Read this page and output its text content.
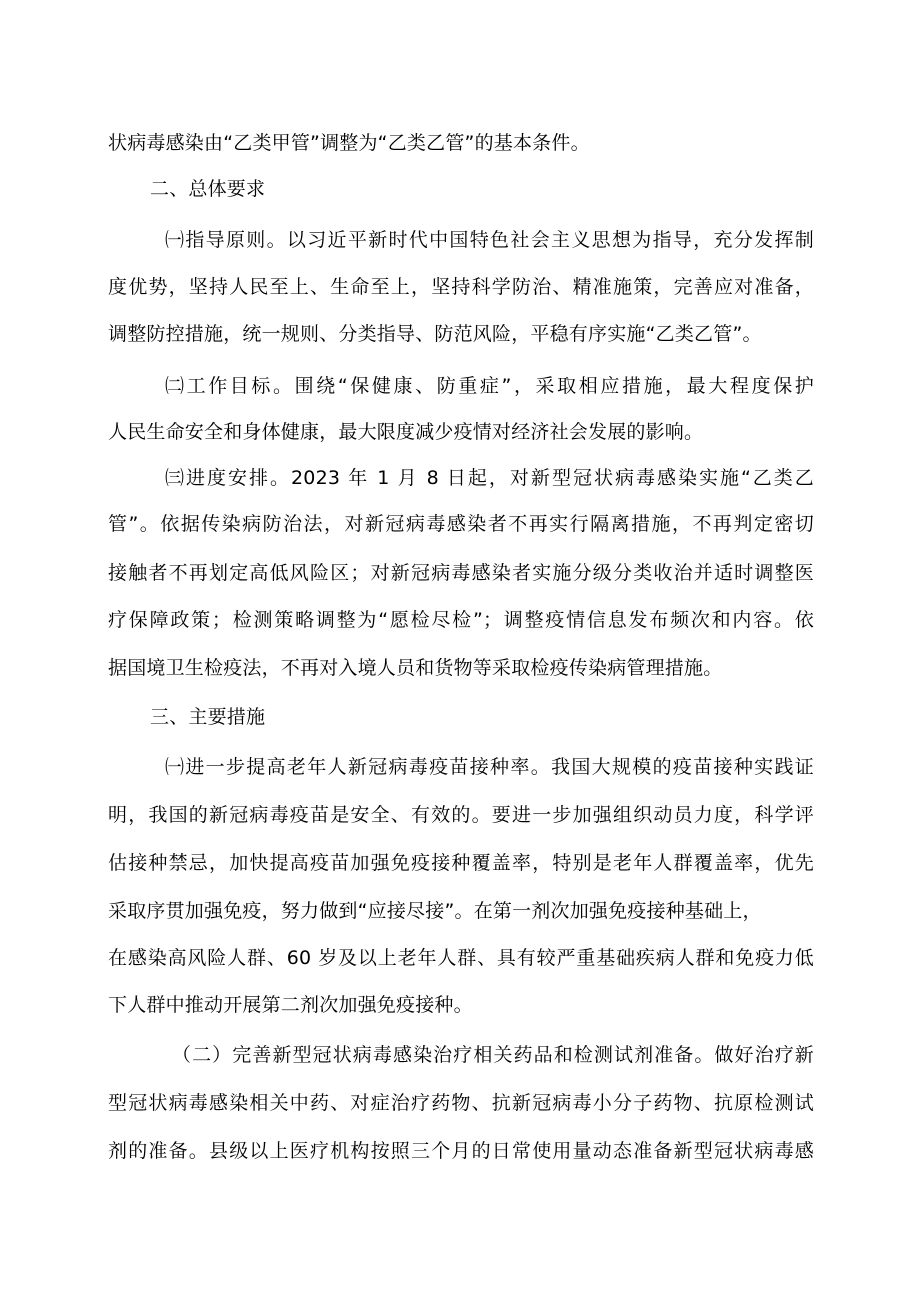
状病毒感染由“乙类甲管”调整为“乙类乙管”的基本条件。
二、总体要求
㈠指导原则。以习近平新时代中国特色社会主义思想为指导，充分发挥制
度优势，坚持人民至上、生命至上，坚持科学防治、精准施策，完善应对准备，
调整防控措施，统一规则、分类指导、防范风险，平稳有序实施“乙类乙管”。
㈡工作目标。围绕“保健康、防重症”，采取相应措施，最大程度保护
人民生命安全和身体健康，最大限度减少疫情对经济社会发展的影响。
㈢进度安排。2023 年 1 月 8 日起，对新型冠状病毒感染实施“乙类乙
管”。依据传染病防治法，对新冠病毒感染者不再实行隔离措施，不再判定密切
接触者不再划定高低风险区；对新冠病毒感染者实施分级分类收治并适时调整医
疗保障政策；检测策略调整为“愿检尽检”；调整疫情信息发布频次和内容。依
据国境卫生检疫法，不再对入境人员和货物等采取检疫传染病管理措施。
三、主要措施
㈠进一步提高老年人新冠病毒疫苗接种率。我国大规模的疫苗接种实践证
明，我国的新冠病毒疫苗是安全、有效的。要进一步加强组织动员力度，科学评
估接种禁忌，加快提高疫苗加强免疫接种覆盖率，特别是老年人群覆盖率，优先
采取序贯加强免疫，努力做到“应接尽接”。在第一剂次加强免疫接种基础上，
在感染高风险人群、60 岁及以上老年人群、具有较严重基础疾病人群和免疫力低
下人群中推动开展第二剂次加强免疫接种。
（二）完善新型冠状病毒感染治疗相关药品和检测试剂准备。做好治疗新
型冠状病毒感染相关中药、对症治疗药物、抗新冠病毒小分子药物、抗原检测试
剂的准备。县级以上医疗机构按照三个月的日常使用量动态准备新型冠状病毒感
